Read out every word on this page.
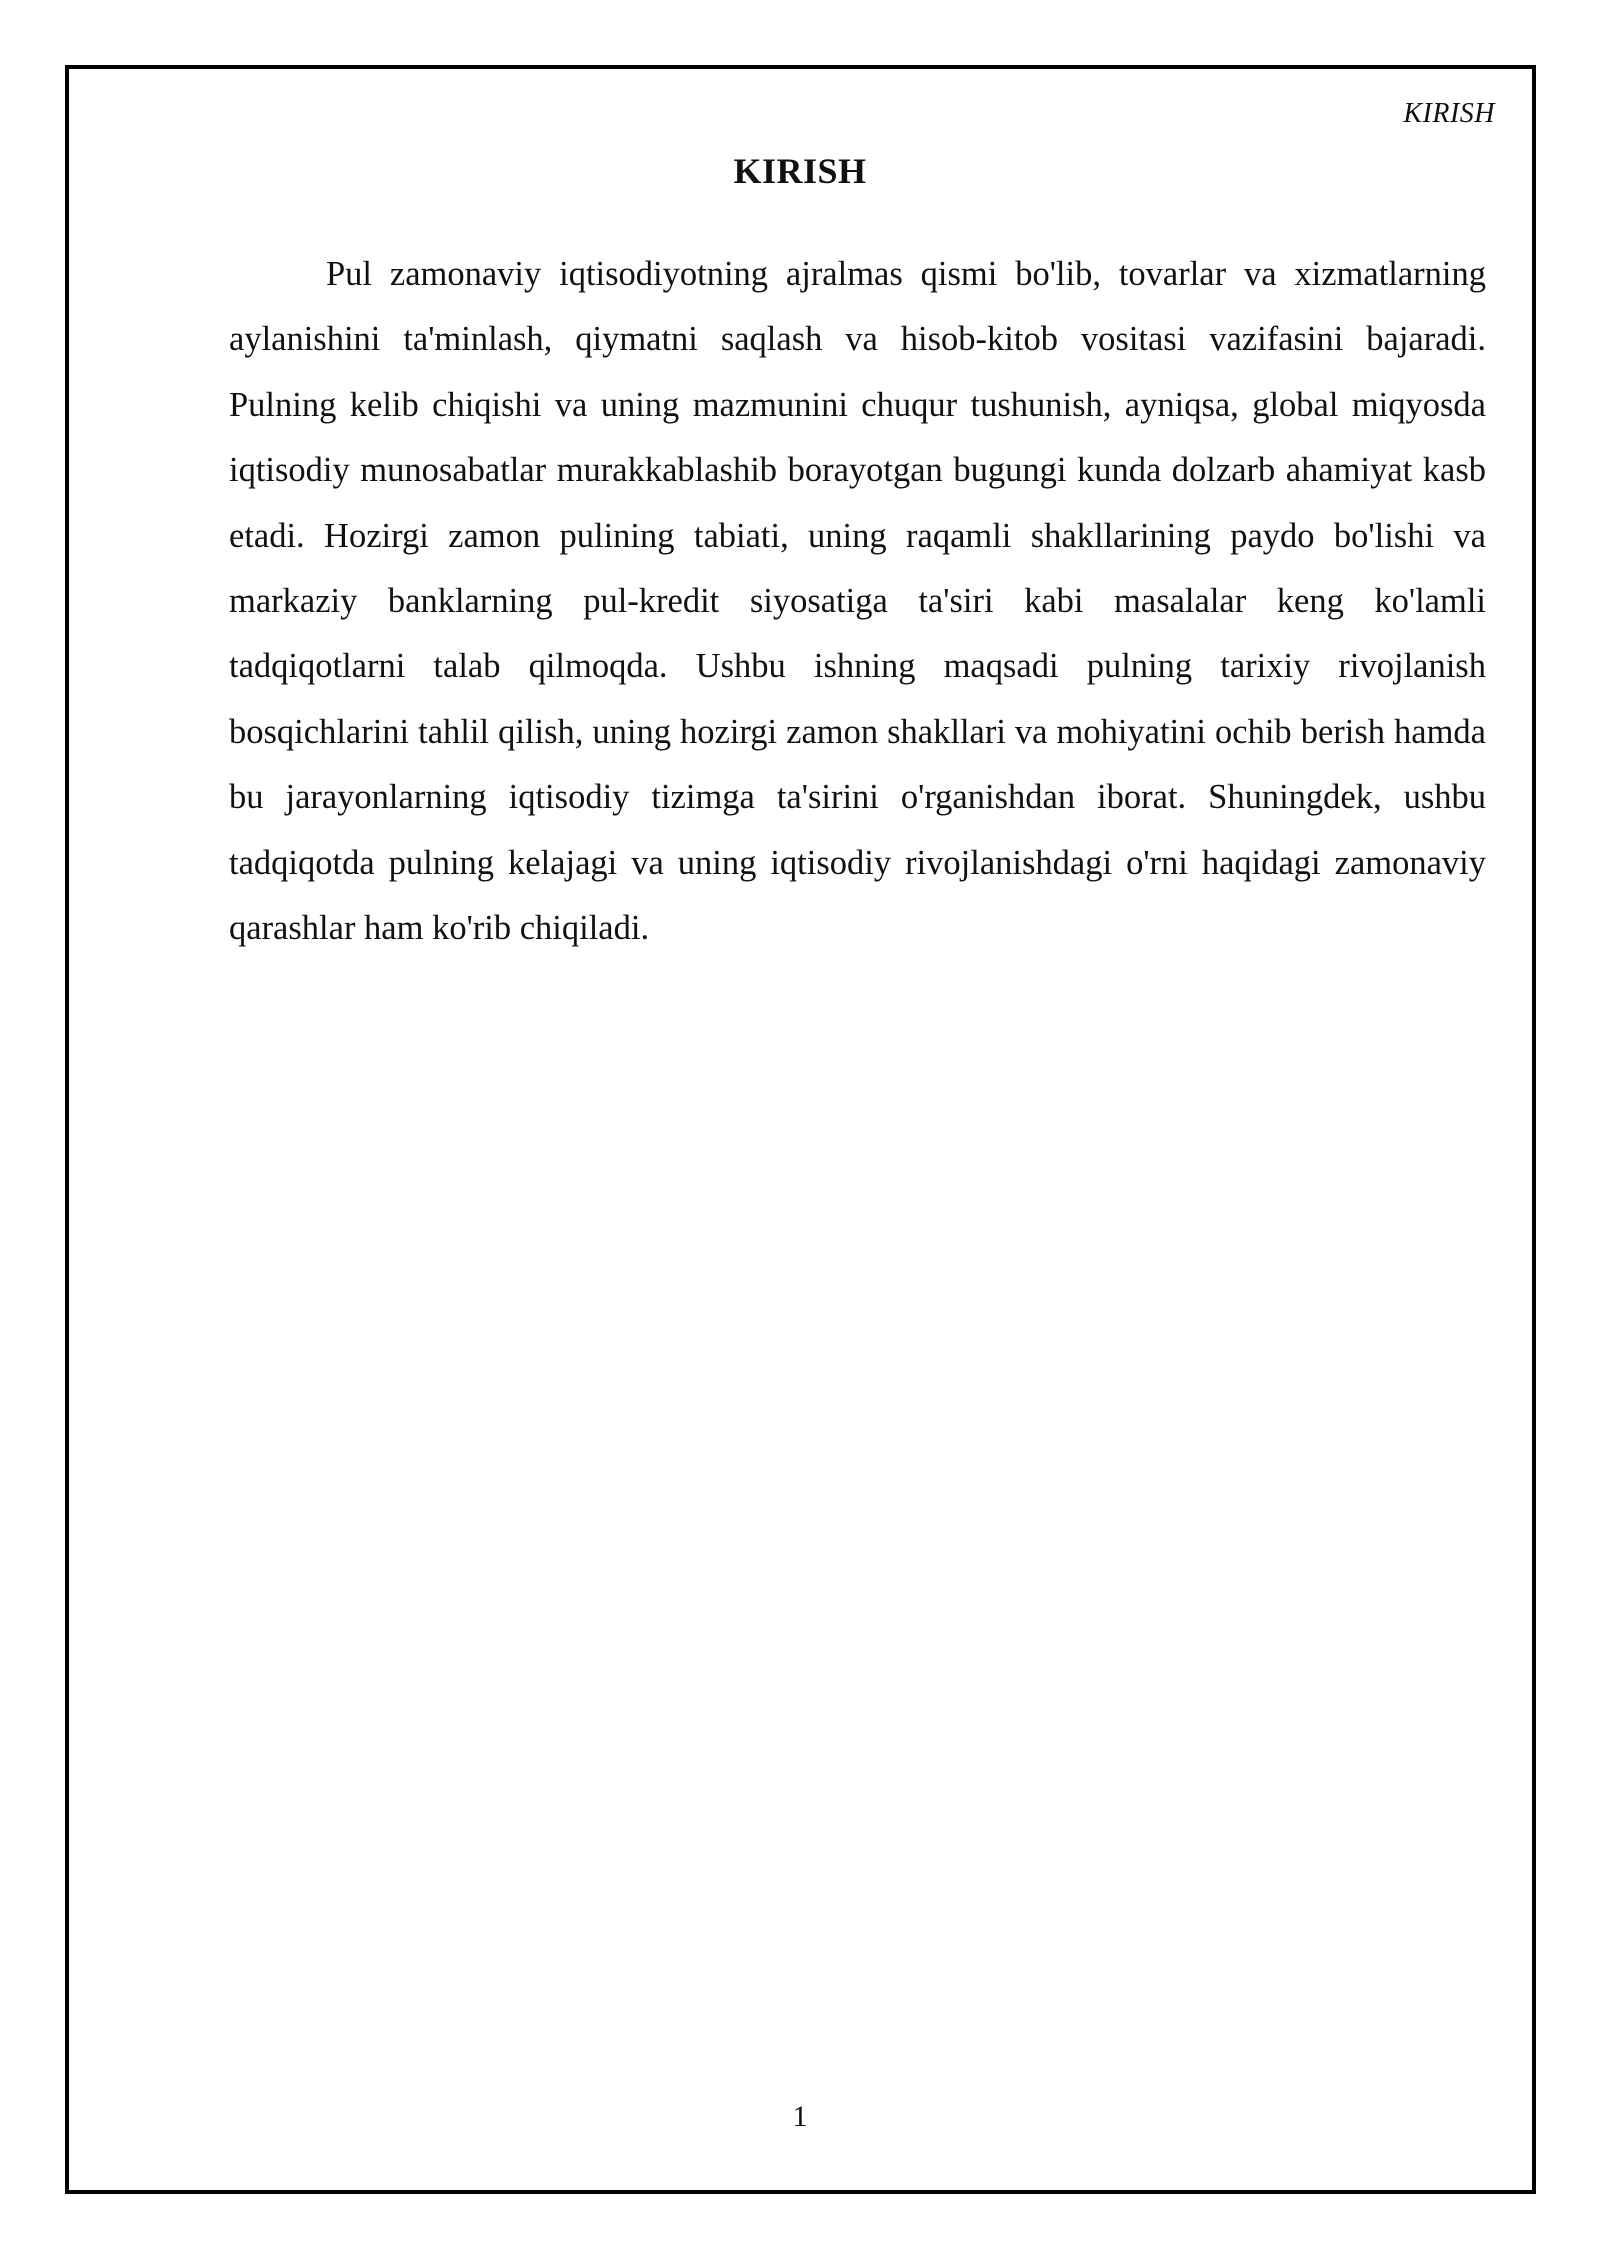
KIRISH
KIRISH

Pul zamonaviy iqtisodiyotning ajralmas qismi bo'lib, tovarlar va xizmatlarning aylanishini ta'minlash, qiymatni saqlash va hisob-kitob vositasi vazifasini bajaradi. Pulning kelib chiqishi va uning mazmunini chuqur tushunish, ayniqsa, global miqyosda iqtisodiy munosabatlar murakkablashib borayotgan bugungi kunda dolzarb ahamiyat kasb etadi. Hozirgi zamon pulining tabiati, uning raqamli shakllarining paydo bo'lishi va markaziy banklarning pul-kredit siyosatiga ta'siri kabi masalalar keng ko'lamli tadqiqotlarni talab qilmoqda. Ushbu ishning maqsadi pulning tarixiy rivojlanish bosqichlarini tahlil qilish, uning hozirgi zamon shakllari va mohiyatini ochib berish hamda bu jarayonlarning iqtisodiy tizimga ta'sirini o'rganishdan iborat. Shuningdek, ushbu tadqiqotda pulning kelajagi va uning iqtisodiy rivojlanishdagi o'rni haqidagi zamonaviy qarashlar ham ko'rib chiqiladi.

1
